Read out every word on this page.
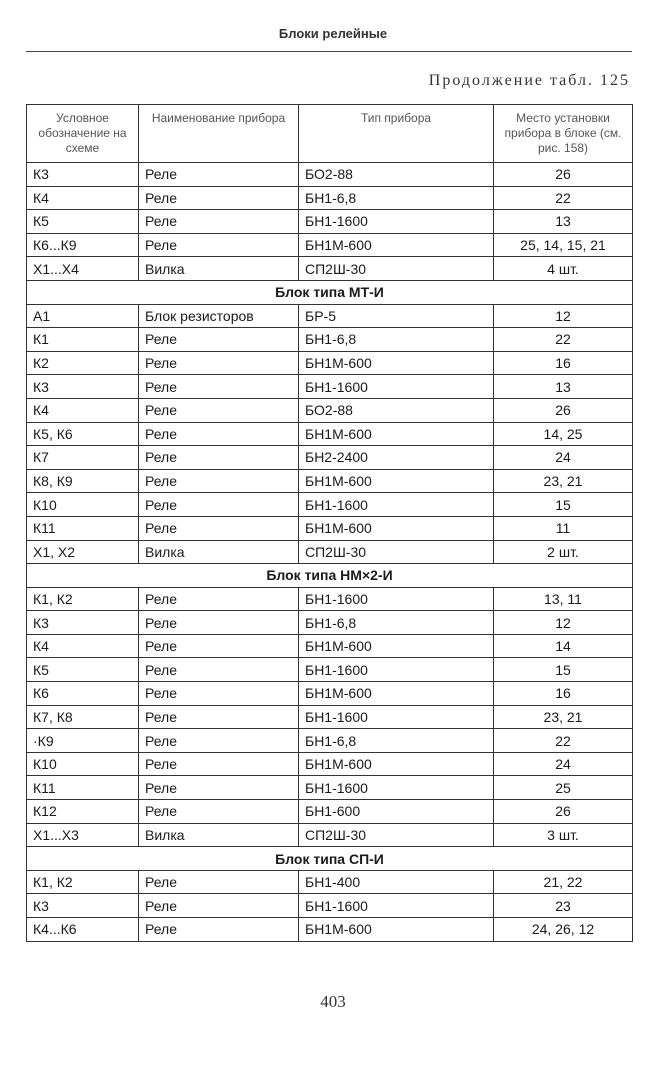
Блоки релейные
Продолжение табл. 125
Условное обозначение на схеме	Наименование прибора	Тип прибора	Место установки прибора в блоке (см. рис. 158)
К3	Реле	БО2-88	26
К4	Реле	БН1-6,8	22
К5	Реле	БН1-1600	13
К6...К9	Реле	БН1М-600	25, 14, 15, 21
Х1...Х4	Вилка	СП2Ш-30	4 шт.
Блок типа МТ-И			
А1	Блок резисторов	БР-5	12
К1	Реле	БН1-6,8	22
К2	Реле	БН1М-600	16
К3	Реле	БН1-1600	13
К4	Реле	БО2-88	26
К5, К6	Реле	БН1М-600	14, 25
К7	Реле	БН2-2400	24
К8, К9	Реле	БН1М-600	23, 21
К10	Реле	БН1-1600	15
К11	Реле	БН1М-600	11
Х1, Х2	Вилка	СП2Ш-30	2 шт.
Блок типа НМ×2-И			
К1, К2	Реле	БН1-1600	13, 11
К3	Реле	БН1-6,8	12
К4	Реле	БН1М-600	14
К5	Реле	БН1-1600	15
К6	Реле	БН1М-600	16
К7, К8	Реле	БН1-1600	23, 21
·К9	Реле	БН1-6,8	22
К10	Реле	БН1М-600	24
К11	Реле	БН1-1600	25
К12	Реле	БН1-600	26
Х1...Х3	Вилка	СП2Ш-30	3 шт.
Блок типа СП-И			
К1, К2	Реле	БН1-400	21, 22
К3	Реле	БН1-1600	23
К4...К6	Реле	БН1М-600	24, 26, 12
403
